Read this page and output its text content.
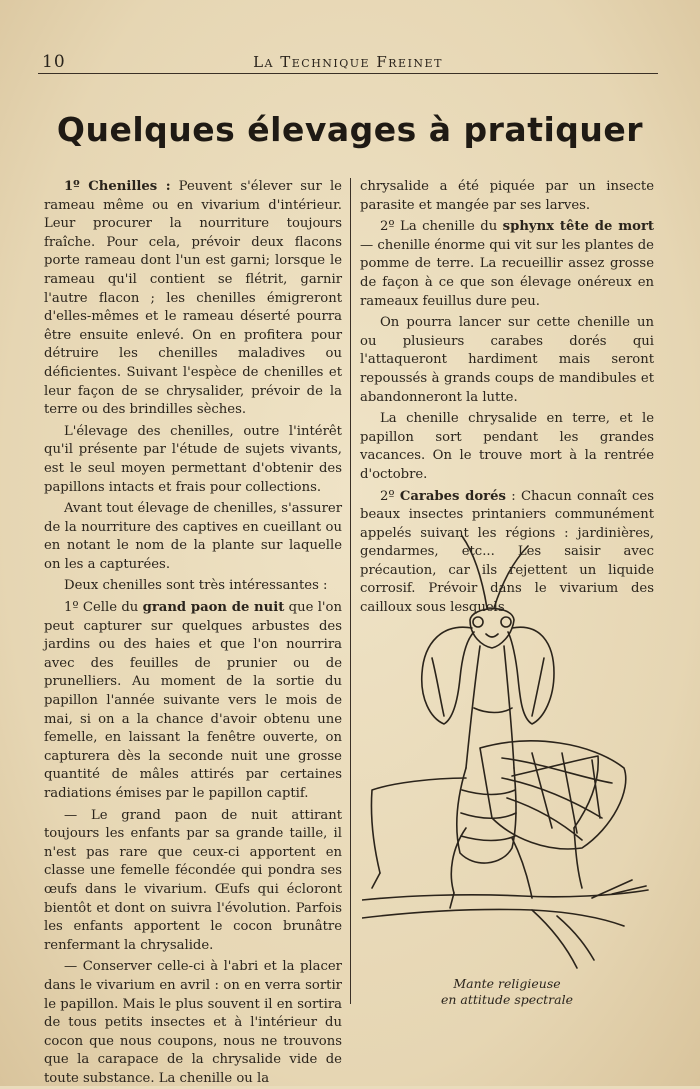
10	La Technique Freinet
Quelques élevages à pratiquer

1º Chenilles : Peuvent s'élever sur le rameau même ou en vivarium d'intérieur. Leur procurer la nourriture toujours fraîche. Pour cela, prévoir deux flacons porte rameau dont l'un est garni; lorsque le rameau qu'il contient se flétrit, garnir l'autre flacon ; les chenilles émigreront d'elles-mêmes et le rameau déserté pourra être ensuite enlevé. On en profitera pour détruire les chenilles maladives ou déficientes. Suivant l'espèce de chenilles et leur façon de se chrysalider, prévoir de la terre ou des brindilles sèches.

L'élevage des chenilles, outre l'intérêt qu'il présente par l'étude de sujets vivants, est le seul moyen permettant d'obtenir des papillons intacts et frais pour collections.

Avant tout élevage de chenilles, s'assurer de la nourriture des captives en cueillant ou en notant le nom de la plante sur laquelle on les a capturées.

Deux chenilles sont très intéressantes :

1º Celle du grand paon de nuit que l'on peut capturer sur quelques arbustes des jardins ou des haies et que l'on nourrira avec des feuilles de prunier ou de prunelliers. Au moment de la sortie du papillon l'année suivante vers le mois de mai, si on a la chance d'avoir obtenu une femelle, en laissant la fenêtre ouverte, on capturera dès la seconde nuit une grosse quantité de mâles attirés par certaines radiations émises par le papillon captif.

— Le grand paon de nuit attirant toujours les enfants par sa grande taille, il n'est pas rare que ceux-ci apportent en classe une femelle fécondée qui pondra ses œufs dans le vivarium. Œufs qui écloront bientôt et dont on suivra l'évolution. Parfois les enfants apportent le cocon brunâtre renfermant la chrysalide.

— Conserver celle-ci à l'abri et la placer dans le vivarium en avril : on en verra sortir le papillon. Mais le plus souvent il en sortira de tous petits insectes et à l'intérieur du cocon que nous coupons, nous ne trouvons que la carapace de la chrysalide vide de toute substance. La chenille ou la

chrysalide a été piquée par un insecte parasite et mangée par ses larves.

2º La chenille du sphynx tête de mort — chenille énorme qui vit sur les plantes de pomme de terre. La recueillir assez grosse de façon à ce que son élevage onéreux en rameaux feuillus dure peu.

On pourra lancer sur cette chenille un ou plusieurs carabes dorés qui l'attaqueront hardiment mais seront repoussés à grands coups de mandibules et abandonneront la lutte.

La chenille chrysalide en terre, et le papillon sort pendant les grandes vacances. On le trouve mort à la rentrée d'octobre.

2º Carabes dorés : Chacun connaît ces beaux insectes printaniers communément appelés suivant les régions : jardinières, gendarmes, etc... Les saisir avec précaution, car ils rejettent un liquide corrosif. Prévoir dans le vivarium des cailloux sous lesquels

Mante religieuse
en attitude spectrale
